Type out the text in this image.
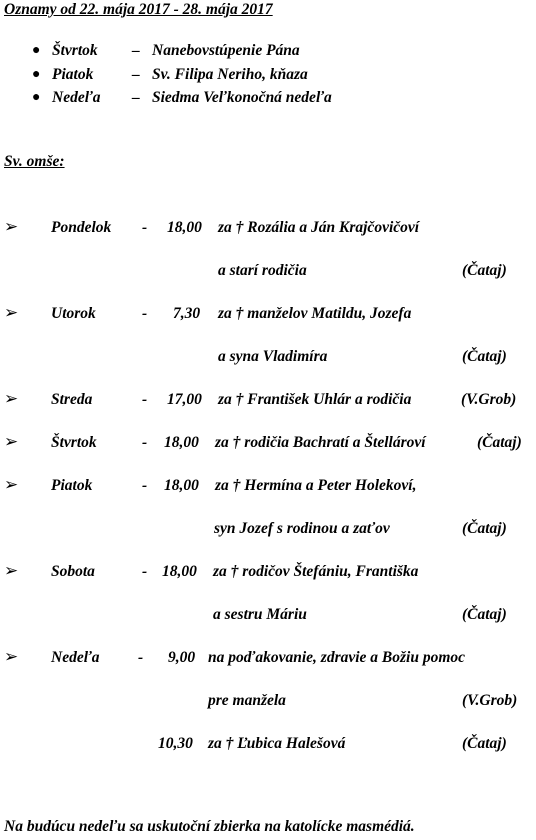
Oznamy od 22. mája 2017 - 28. mája 2017
● Štvrtok – Nanebovstúpenie Pána
● Piatok – Sv. Filipa Neriho, kňaza
● Nedeľa – Siedma Veľkonočná nedeľa
Sv. omše:
➢ Pondelok - 18,00 za † Rozália a Ján Krajčovičoví
a starí rodičia	(Čataj)
➢ Utorok	- 7,30 za † manželov Matildu, Jozefa
a syna Vladimíra	(Čataj)
➢ Streda	- 17,00 za † František Uhlár a rodičia	(V.Grob)
➢ Štvrtok	- 18,00 za † rodičia Bachratí a Štellároví	(Čataj)
➢ Piatok	- 18,00 za † Hermína a Peter Holekoví,
syn Jozef s rodinou a zaťov	(Čataj)
➢ Sobota	- 18,00 za † rodičov Štefániu, Františka
a sestru Máriu	(Čataj)
➢ Nedeľa - 9,00 na poďakovanie, zdravie a Božiu pomoc
pre manžela	(V.Grob)
10,30 za † Ľubica Halešová	(Čataj)
Na budúcu nedeľu sa uskutoční zbierka na katolícke masmédiá.
